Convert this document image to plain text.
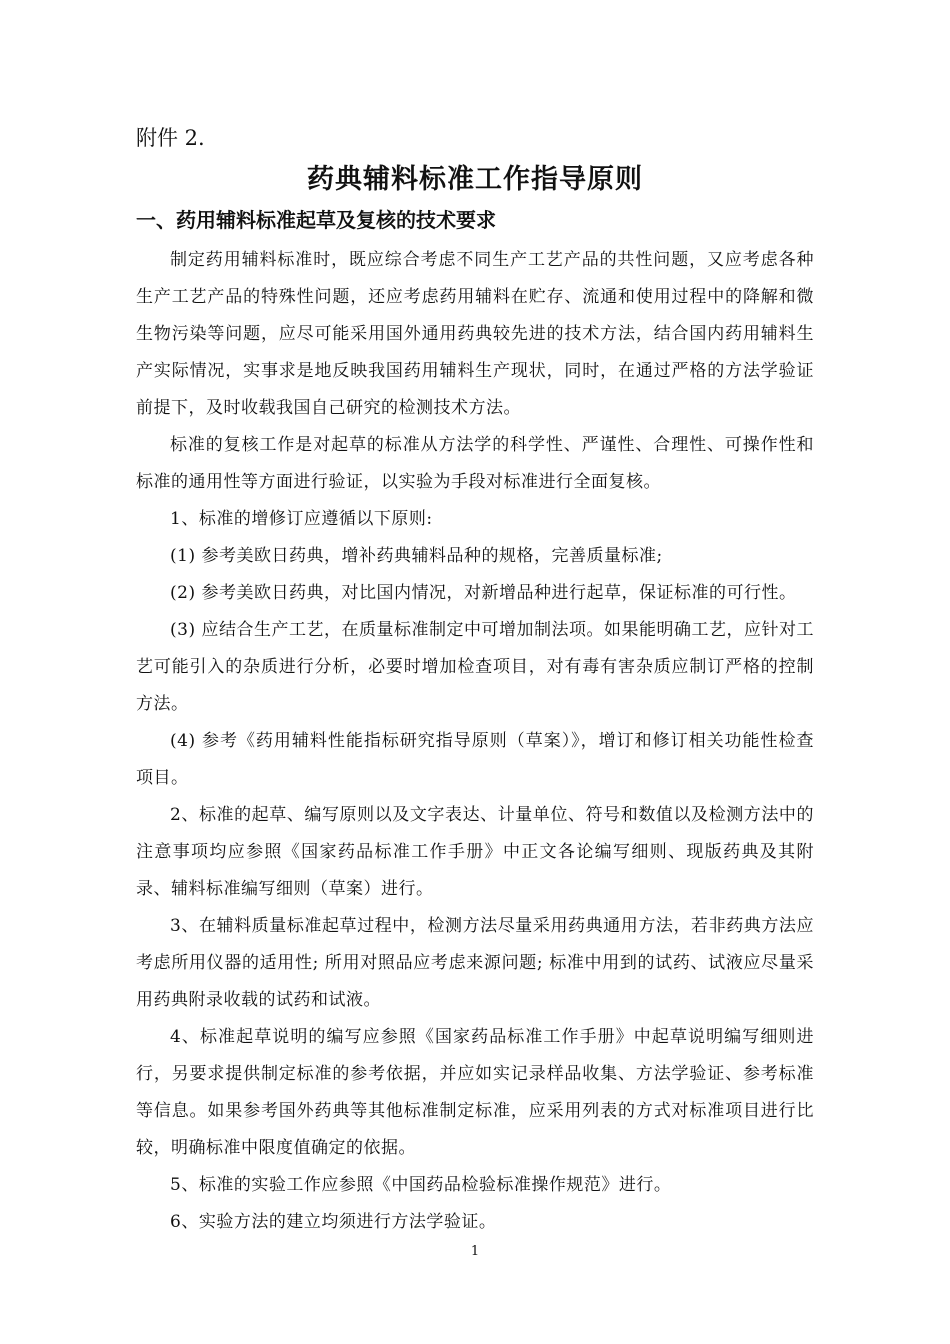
附件 2.

药典辅料标准工作指导原则
一、药用辅料标准起草及复核的技术要求

制定药用辅料标准时，既应综合考虑不同生产工艺产品的共性问题，又应考虑各种生产工艺产品的特殊性问题，还应考虑药用辅料在贮存、流通和使用过程中的降解和微生物污染等问题，应尽可能采用国外通用药典较先进的技术方法，结合国内药用辅料生产实际情况，实事求是地反映我国药用辅料生产现状，同时，在通过严格的方法学验证前提下，及时收载我国自己研究的检测技术方法。

标准的复核工作是对起草的标准从方法学的科学性、严谨性、合理性、可操作性和标准的通用性等方面进行验证，以实验为手段对标准进行全面复核。

1、标准的增修订应遵循以下原则:

(1) 参考美欧日药典，增补药典辅料品种的规格，完善质量标准;

(2) 参考美欧日药典，对比国内情况，对新增品种进行起草，保证标准的可行性。

(3) 应结合生产工艺，在质量标准制定中可增加制法项。如果能明确工艺，应针对工艺可能引入的杂质进行分析，必要时增加检查项目，对有毒有害杂质应制订严格的控制方法。

(4) 参考《药用辅料性能指标研究指导原则（草案）》，增订和修订相关功能性检查项目。

2、标准的起草、编写原则以及文字表达、计量单位、符号和数值以及检测方法中的注意事项均应参照《国家药品标准工作手册》中正文各论编写细则、现版药典及其附录、辅料标准编写细则（草案）进行。

3、在辅料质量标准起草过程中，检测方法尽量采用药典通用方法，若非药典方法应考虑所用仪器的适用性; 所用对照品应考虑来源问题; 标准中用到的试药、试液应尽量采用药典附录收载的试药和试液。

4、标准起草说明的编写应参照《国家药品标准工作手册》中起草说明编写细则进行，另要求提供制定标准的参考依据，并应如实记录样品收集、方法学验证、参考标准等信息。如果参考国外药典等其他标准制定标准，应采用列表的方式对标准项目进行比较，明确标准中限度值确定的依据。

5、标准的实验工作应参照《中国药品检验标准操作规范》进行。

6、实验方法的建立均须进行方法学验证。

1
